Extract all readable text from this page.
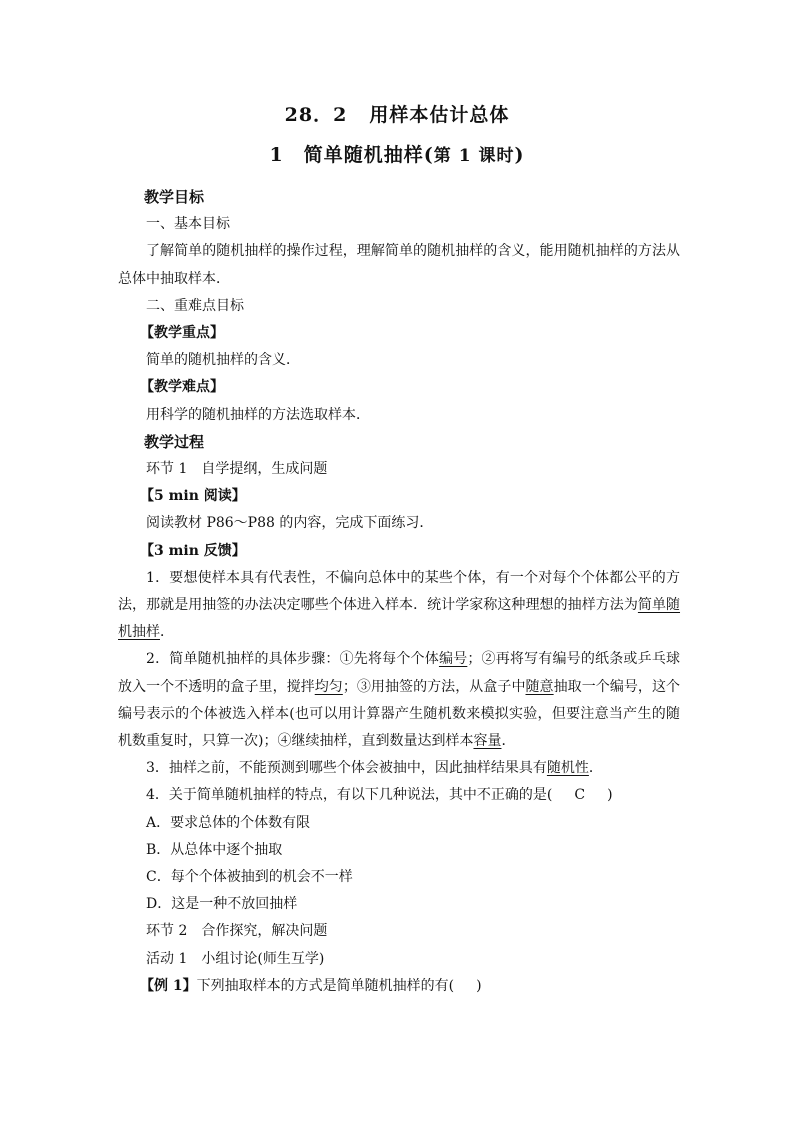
28．2 用样本估计总体
1 简单随机抽样(第 1 课时)

教学目标

一、基本目标

了解简单的随机抽样的操作过程，理解简单的随机抽样的含义，能用随机抽样的方法从总体中抽取样本．

二、重难点目标

【教学重点】

简单的随机抽样的含义．

【教学难点】

用科学的随机抽样的方法选取样本．

教学过程

环节 1 自学提纲，生成问题

【5 min 阅读】

阅读教材 P86～P88 的内容，完成下面练习．

【3 min 反馈】

1．要想使样本具有代表性，不偏向总体中的某些个体，有一个对每个个体都公平的方法，那就是用抽签的办法决定哪些个体进入样本．统计学家称这种理想的抽样方法为简单随机抽样．

2．简单随机抽样的具体步骤：①先将每个个体编号；②再将写有编号的纸条或乒乓球放入一个不透明的盒子里，搅拌均匀；③用抽签的方法，从盒子中随意抽取一个编号，这个编号表示的个体被选入样本(也可以用计算器产生随机数来模拟实验，但要注意当产生的随机数重复时，只算一次)；④继续抽样，直到数量达到样本容量．

3．抽样之前，不能预测到哪些个体会被抽中，因此抽样结果具有随机性．

4．关于简单随机抽样的特点，有以下几种说法，其中不正确的是( C )

A．要求总体的个体数有限

B．从总体中逐个抽取

C．每个个体被抽到的机会不一样

D．这是一种不放回抽样

环节 2 合作探究，解决问题

活动 1 小组讨论(师生互学)

【例 1】下列抽取样本的方式是简单随机抽样的有( )
